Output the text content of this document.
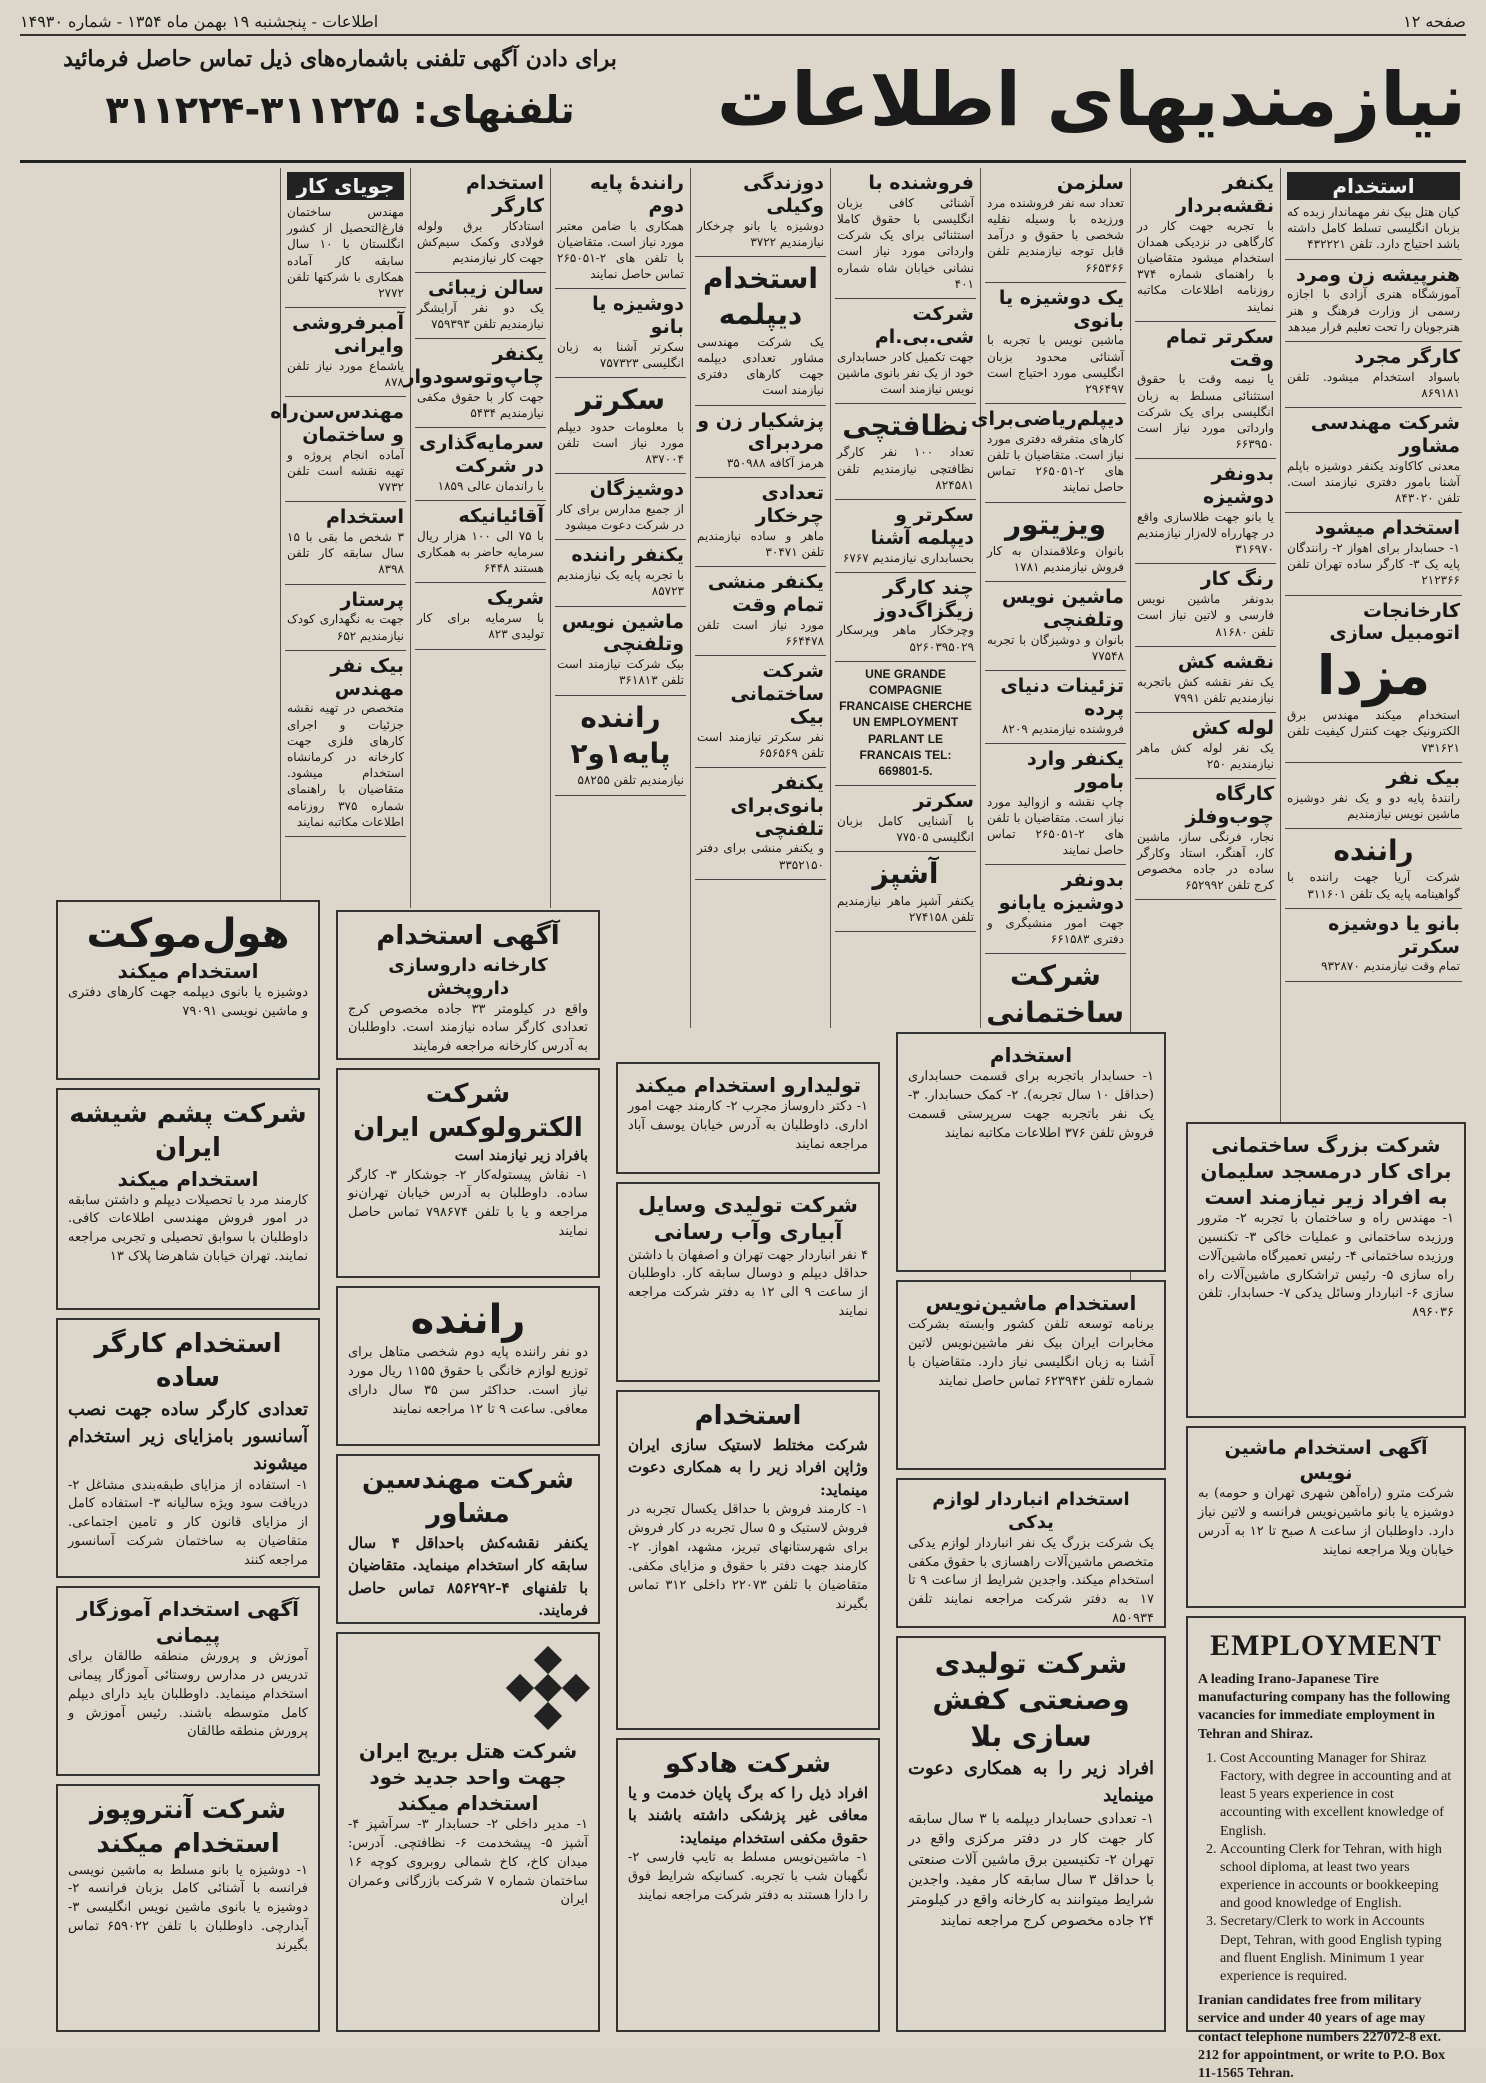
صفحه ۱۲
اطلاعات - پنجشنبه ۱۹ بهمن ماه ۱۳۵۴ - شماره ۱۴۹۳۰
نیازمندیهای اطلاعات
برای دادن آگهی تلفنی باشماره‌های ذیل تماس حاصل فرمائید
تلفنهای: ۳۱۱۲۲۵-۳۱۱۲۲۴
استخدام
کیان هتل بیک نفر مهماندار زبده که بزبان انگلیسی تسلط کامل داشته باشد احتیاج دارد. تلفن ۴۳۲۲۲۱
هنرپیشه زن ومرد
آموزشگاه هنری آزادی با اجازه رسمی از وزارت فرهنگ و هنر هنرجویان را تحت تعلیم قرار میدهد
کارگر مجرد
باسواد استخدام میشود. تلفن ۸۶۹۱۸۱
شرکت مهندسی مشاور
معدنی کاکاوند یکنفر دوشیزه باپلم آشنا بامور دفتری نیازمند است. تلفن ۸۴۳۰۲۰
استخدام میشود
۱- حسابدار برای اهواز ۲- رانندگان پایه یک ۳- کارگر ساده تهران تلفن ۲۱۲۳۶۶
کارخانجات اتومبیل سازی
مزدا
استخدام میکند مهندس برق الکترونیک جهت کنترل کیفیت تلفن ۷۳۱۶۲۱
بیک نفر
رانندۀ پایه دو و یک نفر دوشیزه ماشین نویس نیازمندیم
راننده
شرکت آریا جهت راننده با گواهینامه پایه یک تلفن ۳۱۱۶۰۱
بانو یا دوشیزه سکرتر
تمام وقت نیازمندیم ۹۳۲۸۷۰
یکنفر نقشه‌بردار
با تجربه جهت کار در کارگاهی در نزدیکی همدان استخدام میشود متقاضیان با راهنمای شماره ۳۷۴ روزنامه اطلاعات مکاتبه نمایند
سکرتر تمام وقت
یا نیمه وقت با حقوق استثنائی مسلط به زبان انگلیسی برای یک شرکت وارداتی مورد نیاز است ۶۶۳۹۵۰
بدونفر دوشیزه
یا بانو جهت طلاسازی واقع در چهارراه لاله‌زار نیازمندیم ۳۱۶۹۷۰
رنگ کار
بدونفر ماشین نویس فارسی و لاتین نیاز است تلفن ۸۱۶۸۰
نقشه کش
یک نفر نقشه کش باتجربه نیازمندیم تلفن ۷۹۹۱
لوله کش
یک نفر لوله کش ماهر نیازمندیم ۲۵۰
کارگاه چوب‌وفلز
نجار، فرنگی ساز، ماشین کار، آهنگر، استاد وکارگر ساده در جاده مخصوص کرج تلفن ۶۵۲۹۹۲
سلزمن
تعداد سه نفر فروشنده مرد ورزیده با وسیله نقلیه شخصی با حقوق و درآمد قابل توجه نیازمندیم تلفن ۶۶۵۳۶۶
یک دوشیزه یا بانوی
ماشین نویس با تجربه با آشنائی محدود بزبان انگلیسی مورد احتیاج است ۲۹۶۴۹۷
دیپلم‌ریاضی‌برای
کارهای متفرقه دفتری مورد نیاز است. متقاضیان با تلفن های ۲-۲۶۵۰۵۱ تماس حاصل نمایند
ویزیتور
بانوان وعلاقمندان به کار فروش نیازمندیم ۱۷۸۱
ماشین نویس وتلفنچی
بانوان و دوشیزگان با تجربه ۷۷۵۴۸
تزئینات دنیای پرده
فروشنده نیازمندیم ۸۲۰۹
یکنفر وارد بامور
چاپ نقشه و ازوالید مورد نیاز است. متقاضیان با تلفن های ۲-۲۶۵۰۵۱ تماس حاصل نمایند
بدونفر دوشیزه یابانو
جهت امور منشیگری و دفتری ۶۶۱۵۸۳
شرکت ساختمانی
فروشنده با
آشنائی کافی بزبان انگلیسی با حقوق کاملا استثنائی برای یک شرکت وارداتی مورد نیاز است نشانی خیابان شاه شماره ۴۰۱
شرکت شی.بی.ام
جهت تکمیل کادر حسابداری خود از یک نفر بانوی ماشین نویس نیازمند است
نظافتچی
تعداد ۱۰۰ نفر کارگر نظافتچی نیازمندیم تلفن ۸۲۴۵۸۱
سکرتر و دیپلمه آشنا
بحسابداری نیازمندیم ۶۷۶۷
چند کارگر زیگزاگ‌دوز
وچرخکار ماهر وپرسکار ۵۲۶۰۳۹۵۰۲۹
UNE GRANDE COMPAGNIE FRANCAISE CHERCHE UN EMPLOYMENT PARLANT LE FRANCAIS TEL: 669801-5.
سکرتر
با آشنایی کامل بزبان انگلیسی ۷۷۵۰۵
آشپز
یکنفر آشپز ماهر نیازمندیم تلفن ۲۷۴۱۵۸
دوزندگی وکیلی
دوشیزه یا بانو چرخکار نیازمندیم ۳۷۲۲
استخدام دیپلمه
یک شرکت مهندسی مشاور تعدادی دیپلمه جهت کارهای دفتری نیازمند است
پزشکیار زن و مردبرای
هرمز آکافه ۳۵۰۹۸۸
تعدادی چرخکار
ماهر و ساده نیازمندیم تلفن ۳۰۴۷۱
یکنفر منشی تمام وقت
مورد نیاز است تلفن ۶۶۴۴۷۸
شرکت ساختمانی بیک
نفر سکرتر نیازمند است تلفن ۶۵۶۵۶۹
یکنفر بانوی‌برای تلفنچی
و یکنفر منشی برای دفتر ۳۳۵۲۱۵۰
رانندۀ پایه دوم
همکاری با ضامن معتبر مورد نیاز است. متقاضیان با تلفن های ۲-۲۶۵۰۵۱ تماس حاصل نمایند
دوشیزه یا بانو
سکرتر آشنا به زبان انگلیسی ۷۵۷۳۲۳
سکرتر
با معلومات حدود دیپلم مورد نیاز است تلفن ۸۳۷۰۰۴
دوشیزگان
از جمیع مدارس برای کار در شرکت دعوت میشود
یکنفر راننده
با تجربه پایه یک نیازمندیم ۸۵۷۲۳
ماشین نویس وتلفنچی
بیک شرکت نیازمند است تلفن ۳۶۱۸۱۳
راننده پایه۱و۲
نیازمندیم تلفن ۵۸۲۵۵
استخدام کارگر
استادکار برق ولوله فولادی وکمک سیم‌کش جهت کار نیازمندیم
سالن زیبائی
یک دو نفر آرایشگر نیازمندیم تلفن ۷۵۹۳۹۳
یکنفر چاپ‌وتوسودوار
جهت کار با حقوق مکفی نیازمندیم ۵۴۳۴
سرمایه‌گذاری در شرکت
با راندمان عالی ۱۸۵۹
آقائیانیکه
با ۷۵ الی ۱۰۰ هزار ریال سرمایه حاضر به همکاری هستند ۶۴۴۸
شریک
با سرمایه برای کار تولیدی ۸۲۳
جویای کار
مهندس ساختمان فارغ‌التحصیل از کشور انگلستان با ۱۰ سال سابقه کار آماده همکاری با شرکتها تلفن ۲۷۷۲
آمبرفروشی وایرانی
یاشماع مورد نیاز تلفن ۸۷۸
مهندس‌سن‌راه و ساختمان
آماده انجام پروژه و تهیه نقشه است تلفن ۷۷۳۲
استخدام
۳ شخص ما بقی با ۱۵ سال سابقه کار تلفن ۸۳۹۸
پرستار
جهت به نگهداری کودک نیازمندیم ۶۵۲
بیک نفر مهندس
متخصص در تهیه نقشه جزئیات و اجرای کارهای فلزی جهت کارخانه در کرمانشاه استخدام میشود. متقاضیان با راهنمای شماره ۳۷۵ روزنامه اطلاعات مکاتبه نمایند
هول‌موکت
استخدام میکند
دوشیزه یا بانوی دیپلمه جهت کارهای دفتری و ماشین نویسی ۷۹۰۹۱
شرکت پشم شیشه ایران
استخدام میکند
کارمند مرد با تحصیلات دیپلم و داشتن سابقه در امور فروش مهندسی اطلاعات کافی. داوطلبان با سوابق تحصیلی و تجربی مراجعه نمایند. تهران خیابان شاهرضا پلاک ۱۳
استخدام کارگر ساده
تعدادی کارگر ساده جهت نصب آسانسور بامزایای زیر استخدام میشوند
۱- استفاده از مزایای طبقه‌بندی مشاغل ۲- دریافت سود ویژه سالیانه ۳- استفاده کامل از مزایای قانون کار و تامین اجتماعی. متقاضیان به ساختمان شرکت آسانسور مراجعه کنند
آگهی استخدام آموزگار پیمانی
آموزش و پرورش منطقه طالقان برای تدریس در مدارس روستائی آموزگار پیمانی استخدام مینماید. داوطلبان باید دارای دیپلم کامل متوسطه باشند. رئیس آموزش و پرورش منطقه طالقان
شرکت آنتروپوز استخدام میکند
۱- دوشیزه یا بانو مسلط به ماشین نویسی فرانسه با آشنائی کامل بزبان فرانسه ۲- دوشیزه یا بانوی ماشین نویس انگلیسی ۳- آبدارچی. داوطلبان با تلفن ۶۵۹۰۲۲ تماس بگیرند
آگهی استخدام
کارخانه داروسازی داروپخش
واقع در کیلومتر ۳۳ جاده مخصوص کرج تعدادی کارگر ساده نیازمند است. داوطلبان به آدرس کارخانه مراجعه فرمایند
شرکت الکترولوکس ایران
بافراد زیر نیازمند است
۱- نقاش پیستوله‌کار ۲- جوشکار ۳- کارگر ساده. داوطلبان به آدرس خیابان تهران‌نو مراجعه و یا با تلفن ۷۹۸۶۷۴ تماس حاصل نمایند
راننده
دو نفر راننده پایه دوم شخصی متاهل برای توزیع لوازم خانگی با حقوق ۱۱۵۵ ریال مورد نیاز است. حداکثر سن ۳۵ سال دارای معافی. ساعت ۹ تا ۱۲ مراجعه نمایند
شرکت مهندسین مشاور
یکنفر نقشه‌کش باحداقل ۴ سال سابقه کار استخدام مینماید. متقاضیان با تلفنهای ۴-۸۵۶۲۹۲ تماس حاصل فرمایند.
شرکت هتل بریج ایران جهت واحد جدید خود استخدام میکند
۱- مدیر داخلی ۲- حسابدار ۳- سرآشپز ۴- آشپز ۵- پیشخدمت ۶- نظافتچی. آدرس: میدان کاخ، کاخ شمالی روبروی کوچه ۱۶ ساختمان شماره ۷ شرکت بازرگانی وعمران ایران
تولیدارو استخدام میکند
۱- دکتر داروساز مجرب ۲- کارمند جهت امور اداری. داوطلبان به آدرس خیابان یوسف آباد مراجعه نمایند
شرکت تولیدی وسایل آبیاری وآب رسانی
۴ نفر انباردار جهت تهران و اصفهان با داشتن حداقل دیپلم و دوسال سابقه کار. داوطلبان از ساعت ۹ الی ۱۲ به دفتر شرکت مراجعه نمایند
استخدام
شرکت مختلط لاستیک سازی ایران وژاپن افراد زیر را به همکاری دعوت مینماید:
۱- کارمند فروش با حداقل یکسال تجربه در فروش لاستیک و ۵ سال تجربه در کار فروش برای شهرستانهای تبریز، مشهد، اهواز. ۲- کارمند جهت دفتر با حقوق و مزایای مکفی. متقاضیان با تلفن ۲۲۰۷۳ داخلی ۳۱۲ تماس بگیرند
شرکت هادکو
افراد ذیل را که برگ پایان خدمت و یا معافی غیر پزشکی داشته باشند با حقوق مکفی استخدام مینماید:
۱- ماشین‌نویس مسلط به تایپ فارسی ۲- نگهبان شب با تجربه. کسانیکه شرایط فوق را دارا هستند به دفتر شرکت مراجعه نمایند
استخدام
۱- حسابدار باتجربه برای قسمت حسابداری (حداقل ۱۰ سال تجربه). ۲- کمک حسابدار. ۳- یک نفر باتجربه جهت سرپرستی قسمت فروش تلفن ۳۷۶ اطلاعات مکاتبه نمایند
استخدام ماشین‌نویس
برنامه توسعه تلفن کشور وابسته بشرکت مخابرات ایران بیک نفر ماشین‌نویس لاتین آشنا به زبان انگلیسی نیاز دارد. متقاضیان با شماره تلفن ۶۲۳۹۴۲ تماس حاصل نمایند
استخدام انباردار لوازم یدکی
یک شرکت بزرگ یک نفر انباردار لوازم یدکی متخصص ماشین‌آلات راهسازی با حقوق مکفی استخدام میکند. واجدین شرایط از ساعت ۹ تا ۱۷ به دفتر شرکت مراجعه نمایند تلفن ۸۵۰۹۳۴
شرکت تولیدی وصنعتی کفش سازی بلا
افراد زیر را به همکاری دعوت مینماید
۱- تعدادی حسابدار دیپلمه با ۳ سال سابقه کار جهت کار در دفتر مرکزی واقع در تهران ۲- تکنیسین برق ماشین آلات صنعتی با حداقل ۳ سال سابقه کار مفید. واجدین شرایط میتوانند به کارخانه واقع در کیلومتر ۲۴ جاده مخصوص کرج مراجعه نمایند
شرکت بزرگ ساختمانی برای کار درمسجد سلیمان به افراد زیر نیازمند است
۱- مهندس راه و ساختمان با تجربه ۲- مترور ورزیده ساختمانی و عملیات خاکی ۳- تکنسین ورزیده ساختمانی ۴- رئیس تعمیرگاه ماشین‌آلات راه سازی ۵- رئیس تراشکاری ماشین‌آلات راه سازی ۶- انباردار وسائل یدکی ۷- حسابدار. تلفن ۸۹۶۰۳۶
آگهی استخدام ماشین نویس
شرکت مترو (راه‌آهن شهری تهران و حومه) به دوشیزه یا بانو ماشین‌نویس فرانسه و لاتین نیاز دارد. داوطلبان از ساعت ۸ صبح تا ۱۲ به آدرس خیابان ویلا مراجعه نمایند
EMPLOYMENT

A leading Irano-Japanese Tire manufacturing company has the following vacancies for immediate employment in Tehran and Shiraz.

1. Cost Accounting Manager for Shiraz Factory, with degree in accounting and at least 5 years experience in cost accounting with excellent knowledge of English.
2. Accounting Clerk for Tehran, with high school diploma, at least two years experience in accounts or bookkeeping and good knowledge of English.
3. Secretary/Clerk to work in Accounts Dept, Tehran, with good English typing and fluent English. Minimum 1 year experience is required.

Iranian candidates free from military service and under 40 years of age may contact telephone numbers 227072-8 ext. 212 for appointment, or write to P.O. Box 11-1565 Tehran.
